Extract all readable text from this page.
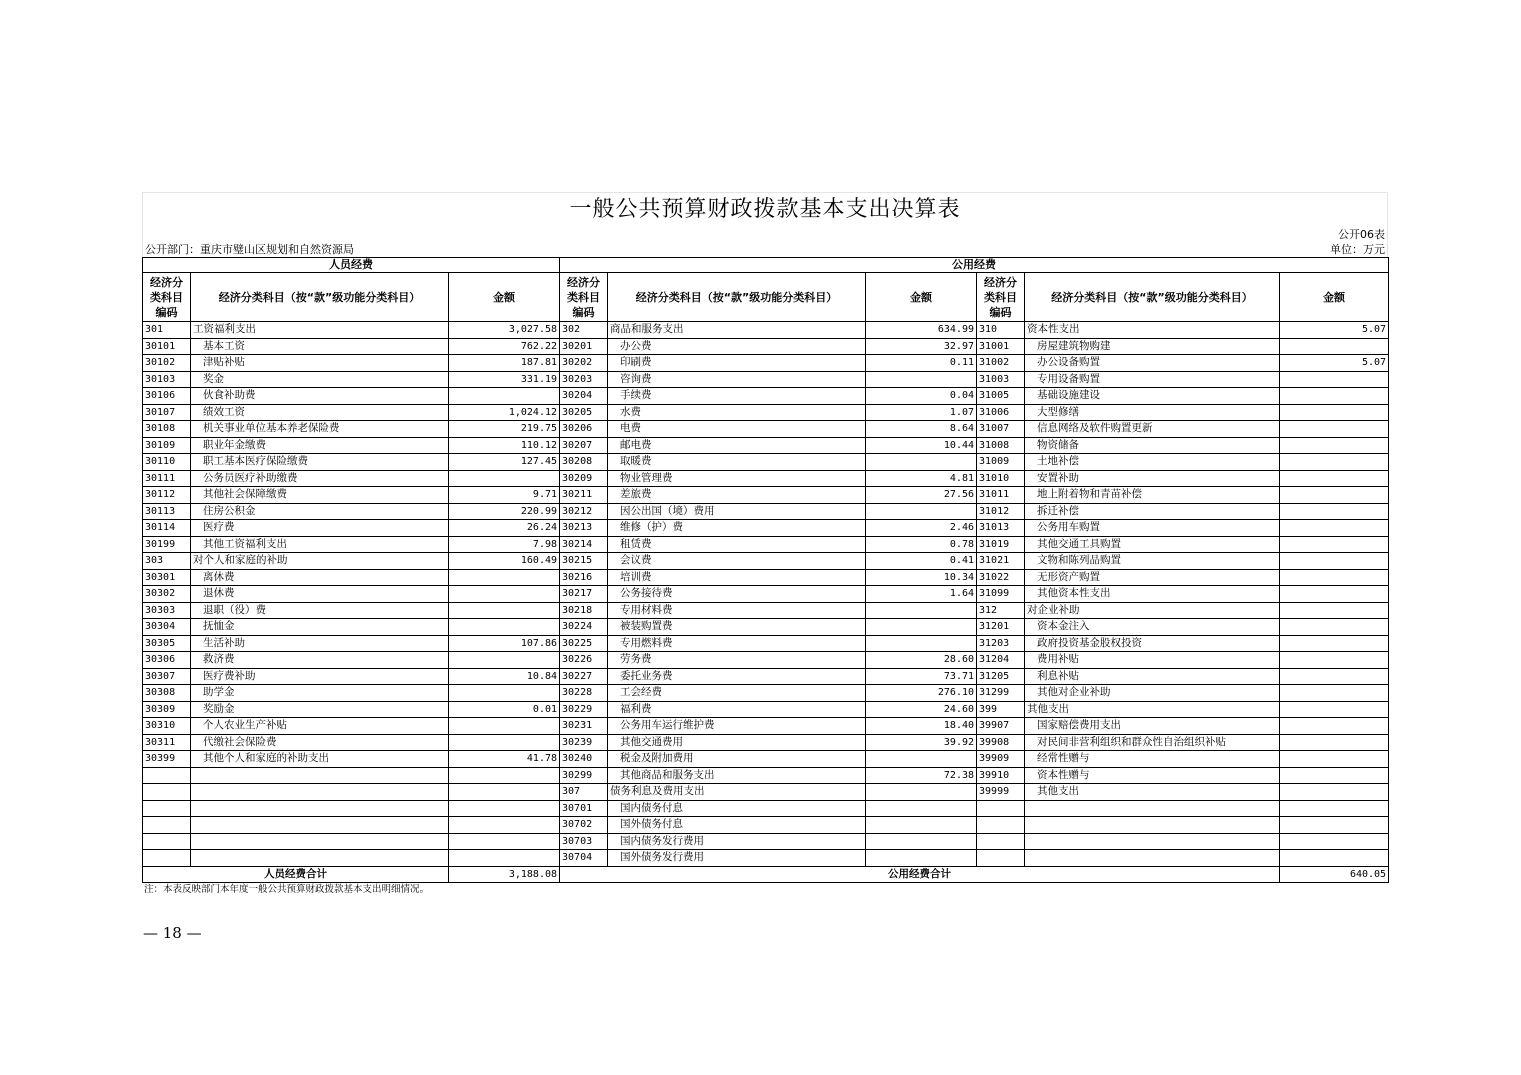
一般公共预算财政拨款基本支出决算表
公开06表
公开部门：重庆市璧山区规划和自然资源局	单位：万元
人员经费			公用经费					
经济分类科目编码	经济分类科目（按“款”级功能分类科目）	金额	经济分类科目编码	经济分类科目（按“款”级功能分类科目）	金额	经济分类科目编码	经济分类科目（按“款”级功能分类科目）	金额
301	工资福利支出	3,027.58	302	商品和服务支出	634.99	310	资本性支出	5.07
30101	基本工资	762.22	30201	办公费	32.97	31001	房屋建筑物购建	
30102	津贴补贴	187.81	30202	印刷费	0.11	31002	办公设备购置	5.07
30103	奖金	331.19	30203	咨询费		31003	专用设备购置	
30106	伙食补助费		30204	手续费	0.04	31005	基础设施建设	
30107	绩效工资	1,024.12	30205	水费	1.07	31006	大型修缮	
30108	机关事业单位基本养老保险费	219.75	30206	电费	8.64	31007	信息网络及软件购置更新	
30109	职业年金缴费	110.12	30207	邮电费	10.44	31008	物资储备	
30110	职工基本医疗保险缴费	127.45	30208	取暖费		31009	土地补偿	
30111	公务员医疗补助缴费		30209	物业管理费	4.81	31010	安置补助	
30112	其他社会保障缴费	9.71	30211	差旅费	27.56	31011	地上附着物和青苗补偿	
30113	住房公积金	220.99	30212	因公出国（境）费用		31012	拆迁补偿	
30114	医疗费	26.24	30213	维修（护）费	2.46	31013	公务用车购置	
30199	其他工资福利支出	7.98	30214	租赁费	0.78	31019	其他交通工具购置	
303	对个人和家庭的补助	160.49	30215	会议费	0.41	31021	文物和陈列品购置	
30301	离休费		30216	培训费	10.34	31022	无形资产购置	
30302	退休费		30217	公务接待费	1.64	31099	其他资本性支出	
30303	退职（役）费		30218	专用材料费		312	对企业补助	
30304	抚恤金		30224	被装购置费		31201	资本金注入	
30305	生活补助	107.86	30225	专用燃料费		31203	政府投资基金股权投资	
30306	救济费		30226	劳务费	28.60	31204	费用补贴	
30307	医疗费补助	10.84	30227	委托业务费	73.71	31205	利息补贴	
30308	助学金		30228	工会经费	276.10	31299	其他对企业补助	
30309	奖励金	0.01	30229	福利费	24.60	399	其他支出	
30310	个人农业生产补贴		30231	公务用车运行维护费	18.40	39907	国家赔偿费用支出	
30311	代缴社会保险费		30239	其他交通费用	39.92	39908	对民间非营利组织和群众性自治组织补贴	
30399	其他个人和家庭的补助支出	41.78	30240	税金及附加费用		39909	经常性赠与	
			30299	其他商品和服务支出	72.38	39910	资本性赠与	
			307	债务利息及费用支出		39999	其他支出	
			30701	国内债务付息				
			30702	国外债务付息				
			30703	国内债务发行费用				
			30704	国外债务发行费用				
人员经费合计		3,188.08	公用经费合计					640.05
注：本表反映部门本年度一般公共预算财政拨款基本支出明细情况。
— 18 —
